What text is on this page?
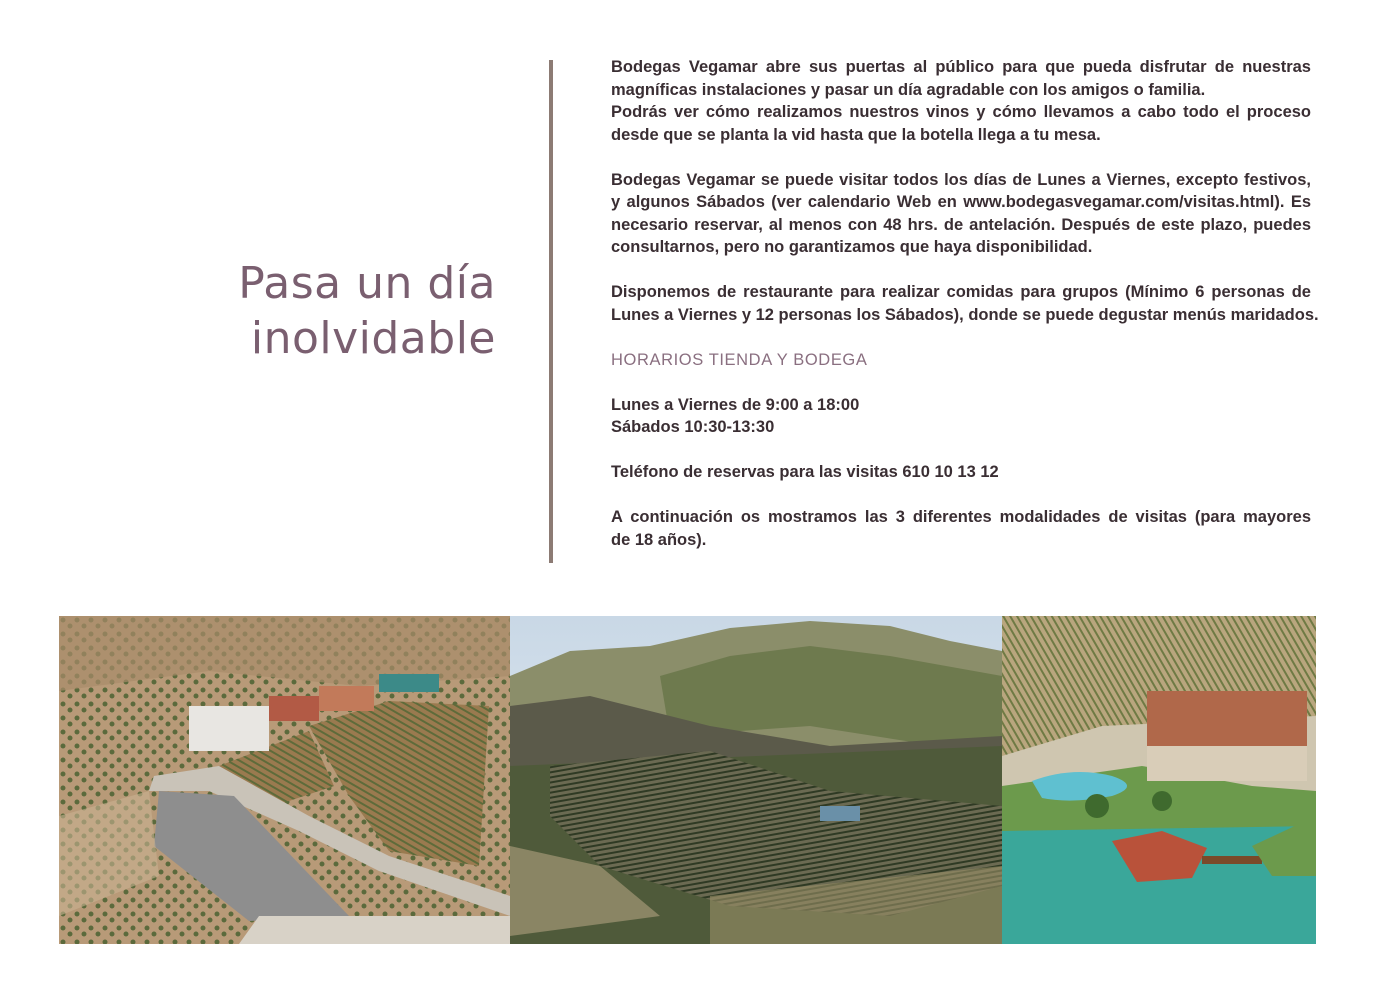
Pasa un día
inolvidable

Bodegas Vegamar abre sus puertas al público para que pueda disfrutar de nuestras
magníficas instalaciones y pasar un día agradable con los amigos o familia.
Podrás ver cómo realizamos nuestros vinos y cómo llevamos a cabo todo el proceso
desde que se planta la vid hasta que la botella llega a tu mesa.

Bodegas Vegamar se puede visitar todos los días de Lunes a Viernes, excepto festivos,
y algunos Sábados (ver calendario Web en www.bodegasvegamar.com/visitas.html). Es
necesario reservar, al menos con 48 hrs. de antelación. Después de este plazo, puedes
consultarnos, pero no garantizamos que haya disponibilidad.

Disponemos de restaurante para realizar comidas para grupos (Mínimo 6 personas de
Lunes a Viernes y 12 personas los Sábados), donde se puede degustar menús maridados.

HORARIOS TIENDA Y BODEGA

Lunes a Viernes de 9:00 a 18:00
Sábados 10:30-13:30

Teléfono de reservas para las visitas 610 10 13 12

A continuación os mostramos las 3 diferentes modalidades de visitas (para mayores
de 18 años).
